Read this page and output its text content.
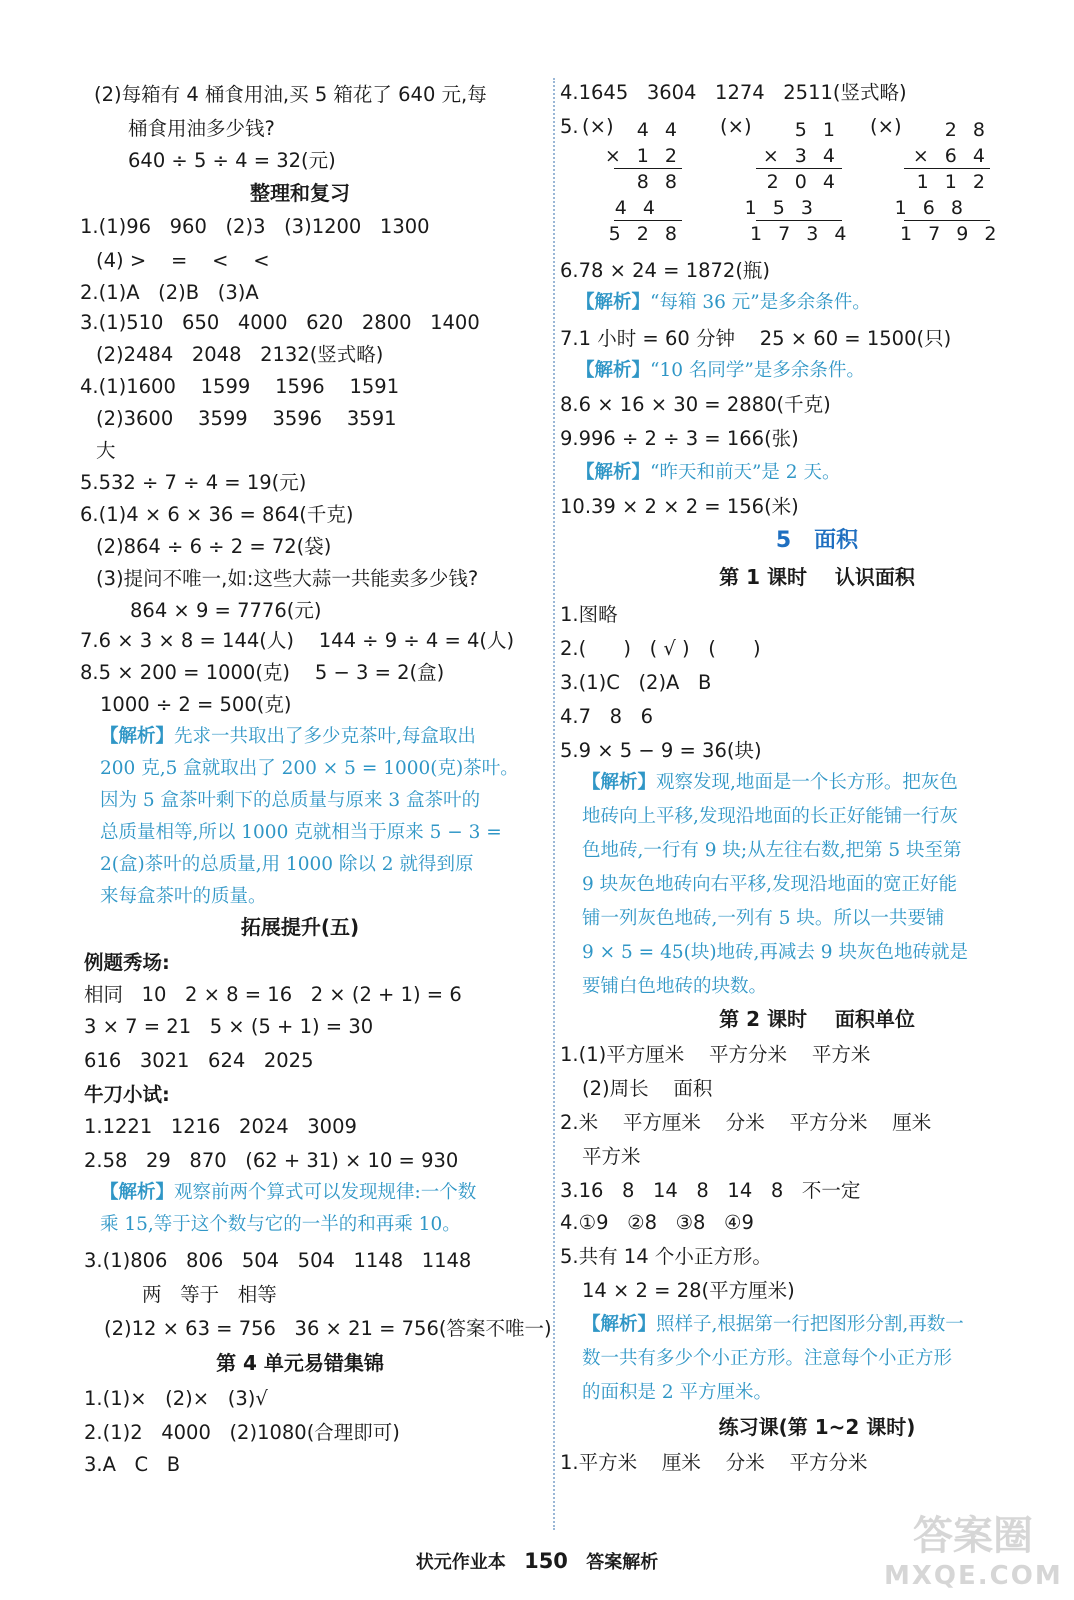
(2)每箱有 4 桶食用油,买 5 箱花了 640 元,每
桶食用油多少钱?
640 ÷ 5 ÷ 4 = 32(元)
整理和复习
1.(1)96   960   (2)3   (3)1200   1300
(4) >    =    <    <
2.(1)A   (2)B   (3)A
3.(1)510   650   4000   620   2800   1400
(2)2484   2048   2132(竖式略)
4.(1)1600    1599    1596    1591
(2)3600    3599    3596    3591
大
5.532 ÷ 7 ÷ 4 = 19(元)
6.(1)4 × 6 × 36 = 864(千克)
(2)864 ÷ 6 ÷ 2 = 72(袋)
(3)提问不唯一,如:这些大蒜一共能卖多少钱?
864 × 9 = 7776(元)
7.6 × 3 × 8 = 144(人)    144 ÷ 9 ÷ 4 = 4(人)
8.5 × 200 = 1000(克)    5 − 3 = 2(盒)
1000 ÷ 2 = 500(克)
【解析】先求一共取出了多少克茶叶,每盒取出
200 克,5 盒就取出了 200 × 5 = 1000(克)茶叶。
因为 5 盒茶叶剩下的总质量与原来 3 盒茶叶的
总质量相等,所以 1000 克就相当于原来 5 − 3 =
2(盒)茶叶的总质量,用 1000 除以 2 就得到原
来每盒茶叶的质量。
拓展提升(五)
例题秀场:
相同   10   2 × 8 = 16   2 × (2 + 1) = 6
3 × 7 = 21   5 × (5 + 1) = 30
616   3021   624   2025
牛刀小试:
1.1221   1216   2024   3009
2.58   29   870   (62 + 31) × 10 = 930
【解析】观察前两个算式可以发现规律:一个数
乘 15,等于这个数与它的一半的和再乘 10。
3.(1)806   806   504   504   1148   1148
两   等于   相等
(2)12 × 63 = 756   36 × 21 = 756(答案不唯一)
第 4 单元易错集锦
1.(1)×   (2)×   (3)√
2.(1)2   4000   (2)1080(合理即可)
3.A   C   B
4.1645   3604   1274   2511(竖式略)
5. (×)	(×)	(×)
4 4
× 1 2
8 8
4 4
5 2 8
5 1
× 3 4
2 0 4
1 5 3
1 7 3 4
2 8
× 6 4
1 1 2
1 6 8
1 7 9 2
6.78 × 24 = 1872(瓶)
【解析】“每箱 36 元”是多余条件。
7.1 小时 = 60 分钟    25 × 60 = 1500(只)
【解析】“10 名同学”是多余条件。
8.6 × 16 × 30 = 2880(千克)
9.996 ÷ 2 ÷ 3 = 166(张)
【解析】“昨天和前天”是 2 天。
10.39 × 2 × 2 = 156(米)
5   面积
第 1 课时    认识面积
1.图略
2.(      )   ( √ )   (      )
3.(1)C   (2)A   B
4.7   8   6
5.9 × 5 − 9 = 36(块)
【解析】观察发现,地面是一个长方形。把灰色
地砖向上平移,发现沿地面的长正好能铺一行灰
色地砖,一行有 9 块;从左往右数,把第 5 块至第
9 块灰色地砖向右平移,发现沿地面的宽正好能
铺一列灰色地砖,一列有 5 块。所以一共要铺
9 × 5 = 45(块)地砖,再减去 9 块灰色地砖就是
要铺白色地砖的块数。
第 2 课时    面积单位
1.(1)平方厘米    平方分米    平方米
(2)周长    面积
2.米    平方厘米    分米    平方分米    厘米
平方米
3.16   8   14   8   14   8   不一定
4.①9   ②8   ③8   ④9
5.共有 14 个小正方形。
14 × 2 = 28(平方厘米)
【解析】照样子,根据第一行把图形分割,再数一
数一共有多少个小正方形。注意每个小正方形
的面积是 2 平方厘米。
练习课(第 1~2 课时)
1.平方米    厘米    分米    平方分米
状元作业本 150 答案解析
答案圈
MXQE.COM
